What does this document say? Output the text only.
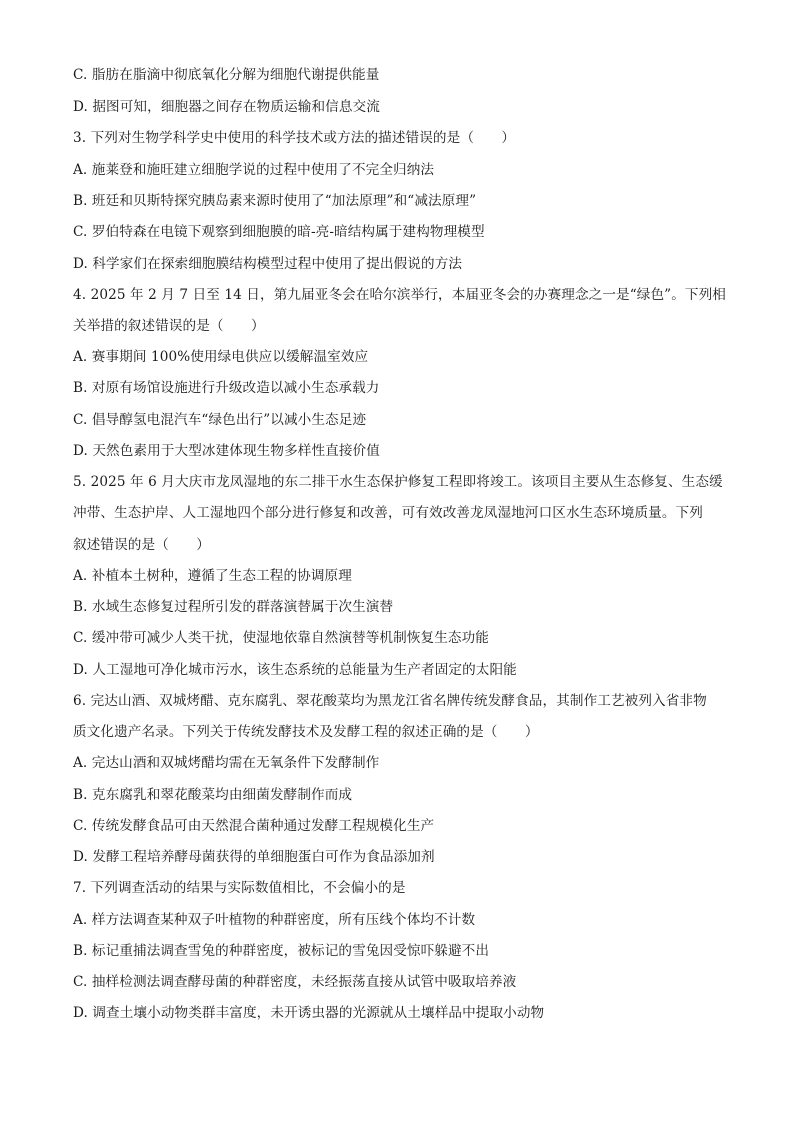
C. 脂肪在脂滴中彻底氧化分解为细胞代谢提供能量
D. 据图可知，细胞器之间存在物质运输和信息交流
3. 下列对生物学科学史中使用的科学技术或方法的描述错误的是（　　）
A. 施莱登和施旺建立细胞学说的过程中使用了不完全归纳法
B. 班廷和贝斯特探究胰岛素来源时使用了“加法原理”和“减法原理”
C. 罗伯特森在电镜下观察到细胞膜的暗-亮-暗结构属于建构物理模型
D. 科学家们在探索细胞膜结构模型过程中使用了提出假说的方法
4. 2025 年 2 月 7 日至 14 日，第九届亚冬会在哈尔滨举行，本届亚冬会的办赛理念之一是“绿色”。下列相
关举措的叙述错误的是（　　）
A. 赛事期间 100%使用绿电供应以缓解温室效应
B. 对原有场馆设施进行升级改造以减小生态承载力
C. 倡导醇氢电混汽车“绿色出行”以减小生态足迹
D. 天然色素用于大型冰建体现生物多样性直接价值
5. 2025 年 6 月大庆市龙凤湿地的东二排干水生态保护修复工程即将竣工。该项目主要从生态修复、生态缓
冲带、生态护岸、人工湿地四个部分进行修复和改善，可有效改善龙凤湿地河口区水生态环境质量。下列
叙述错误的是（　　）
A. 补植本土树种，遵循了生态工程的协调原理
B. 水域生态修复过程所引发的群落演替属于次生演替
C. 缓冲带可减少人类干扰，使湿地依靠自然演替等机制恢复生态功能
D. 人工湿地可净化城市污水，该生态系统的总能量为生产者固定的太阳能
6. 完达山酒、双城烤醋、克东腐乳、翠花酸菜均为黑龙江省名牌传统发酵食品，其制作工艺被列入省非物
质文化遗产名录。下列关于传统发酵技术及发酵工程的叙述正确的是（　　）
A. 完达山酒和双城烤醋均需在无氧条件下发酵制作
B. 克东腐乳和翠花酸菜均由细菌发酵制作而成
C. 传统发酵食品可由天然混合菌种通过发酵工程规模化生产
D. 发酵工程培养酵母菌获得的单细胞蛋白可作为食品添加剂
7. 下列调查活动的结果与实际数值相比，不会偏小的是
A. 样方法调查某种双子叶植物的种群密度，所有压线个体均不计数
B. 标记重捕法调查雪兔的种群密度，被标记的雪兔因受惊吓躲避不出
C. 抽样检测法调查酵母菌的种群密度，未经振荡直接从试管中吸取培养液
D. 调查土壤小动物类群丰富度，未开诱虫器的光源就从土壤样品中提取小动物
